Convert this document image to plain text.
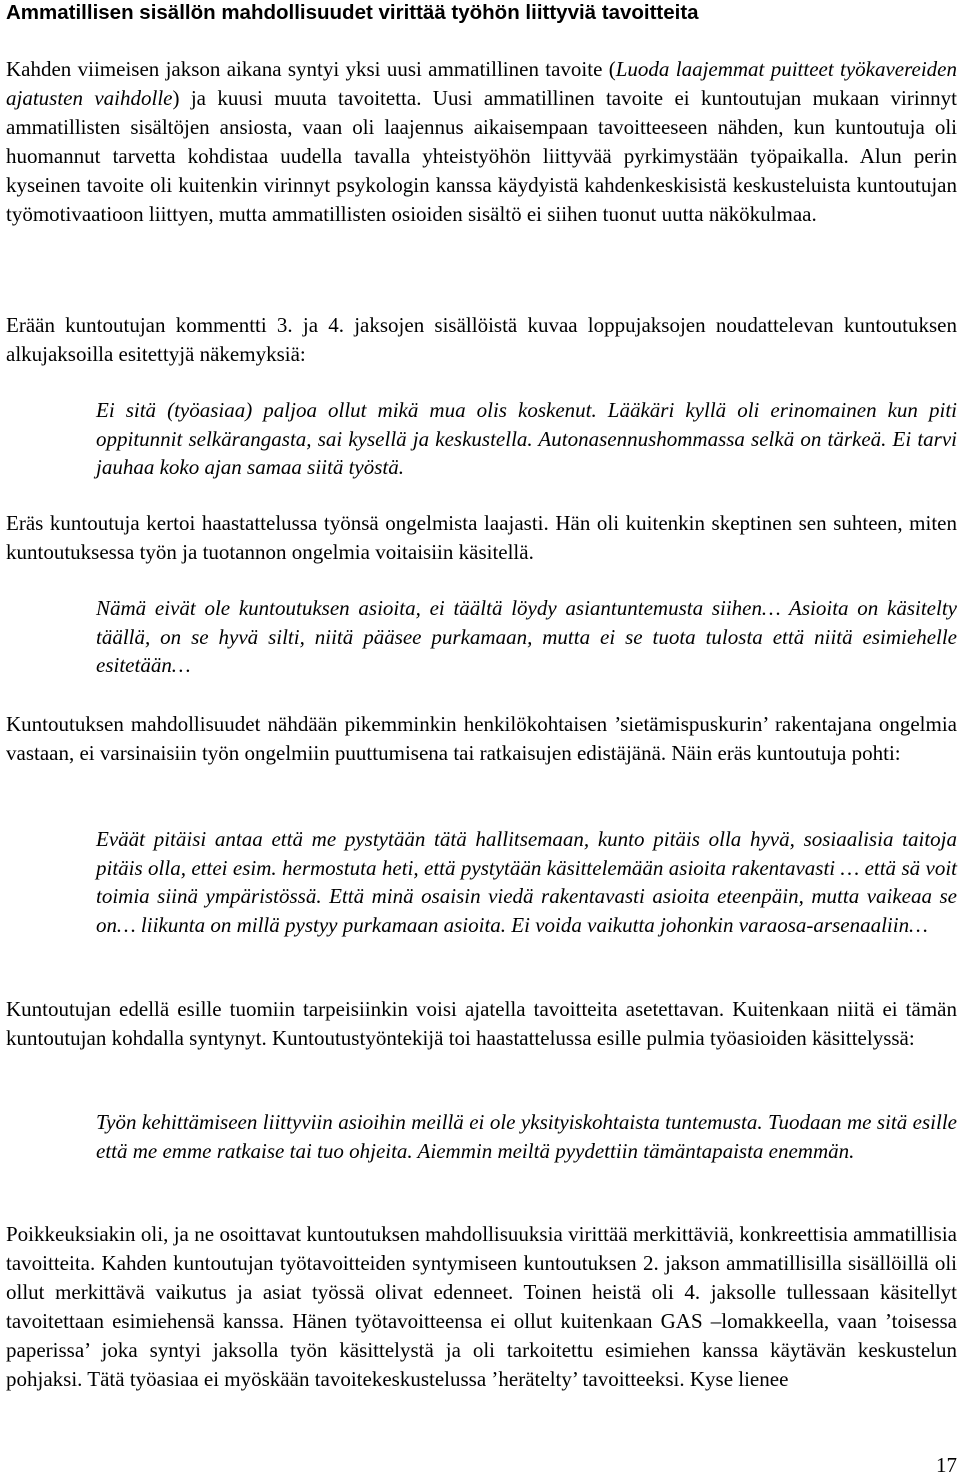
Ammatillisen sisällön mahdollisuudet virittää työhön liittyviä tavoitteita

Kahden viimeisen jakson aikana syntyi yksi uusi ammatillinen tavoite (Luoda laajemmat puitteet työkavereiden ajatusten vaihdolle) ja kuusi muuta tavoitetta. Uusi ammatillinen tavoite ei kuntoutujan mukaan virinnyt ammatillisten sisältöjen ansiosta, vaan oli laajennus aikaisempaan tavoitteeseen nähden, kun kuntoutuja oli huomannut tarvetta kohdistaa uudella tavalla yhteistyöhön liittyvää pyrkimystään työpaikalla. Alun perin kyseinen tavoite oli kuitenkin virinnyt psykologin kanssa käydyistä kahdenkeskisistä keskusteluista kuntoutujan työmotivaatioon liittyen, mutta ammatillisten osioiden sisältö ei siihen tuonut uutta näkökulmaa.

Erään kuntoutujan kommentti 3. ja 4. jaksojen sisällöistä kuvaa loppujaksojen noudattelevan kuntoutuksen alkujaksoilla esitettyjä näkemyksiä:

Ei sitä (työasiaa) paljoa ollut mikä mua olis koskenut. Lääkäri kyllä oli erinomainen kun piti oppitunnit selkärangasta, sai kysellä ja keskustella. Autonasennushommassa selkä on tärkeä. Ei tarvi jauhaa koko ajan samaa siitä työstä.

Eräs kuntoutuja kertoi haastattelussa työnsä ongelmista laajasti. Hän oli kuitenkin skeptinen sen suhteen, miten kuntoutuksessa työn ja tuotannon ongelmia voitaisiin käsitellä.

Nämä eivät ole kuntoutuksen asioita, ei täältä löydy asiantuntemusta siihen… Asioita on käsitelty täällä, on se hyvä silti, niitä pääsee purkamaan, mutta ei se tuota tulosta että niitä esimiehelle esitetään…

Kuntoutuksen mahdollisuudet nähdään pikemminkin henkilökohtaisen ’sietämispuskurin’ rakentajana ongelmia vastaan, ei varsinaisiin työn ongelmiin puuttumisena tai ratkaisujen edistäjänä. Näin eräs kuntoutuja pohti:

Eväät pitäisi antaa että me pystytään tätä hallitsemaan, kunto pitäis olla hyvä, sosiaalisia taitoja pitäis olla, ettei esim. hermostuta heti, että pystytään käsittelemään asioita rakentavasti … että sä voit toimia siinä ympäristössä. Että minä osaisin viedä rakentavasti asioita eteenpäin, mutta vaikeaa se on… liikunta on millä pystyy purkamaan asioita. Ei voida vaikutta johonkin varaosa-arsenaaliin…

Kuntoutujan edellä esille tuomiin tarpeisiinkin voisi ajatella tavoitteita asetettavan. Kuitenkaan niitä ei tämän kuntoutujan kohdalla syntynyt. Kuntoutustyöntekijä toi haastattelussa esille pulmia työasioiden käsittelyssä:

Työn kehittämiseen liittyviin asioihin meillä ei ole yksityiskohtaista tuntemusta. Tuodaan me sitä esille että me emme ratkaise tai tuo ohjeita. Aiemmin meiltä pyydettiin tämäntapaista enemmän.

Poikkeuksiakin oli, ja ne osoittavat kuntoutuksen mahdollisuuksia virittää merkittäviä, konkreettisia ammatillisia tavoitteita. Kahden kuntoutujan työtavoitteiden syntymiseen kuntoutuksen 2. jakson ammatillisilla sisällöillä oli ollut merkittävä vaikutus ja asiat työssä olivat edenneet. Toinen heistä oli 4. jaksolle tullessaan käsitellyt tavoitettaan esimiehensä kanssa. Hänen työtavoitteensa ei ollut kuitenkaan GAS –lomakkeella, vaan ’toisessa paperissa’ joka syntyi jaksolla työn käsittelystä ja oli tarkoitettu esimiehen kanssa käytävän keskustelun pohjaksi. Tätä työasiaa ei myöskään tavoitekeskustelussa ’herätelty’ tavoitteeksi. Kyse lienee

17
